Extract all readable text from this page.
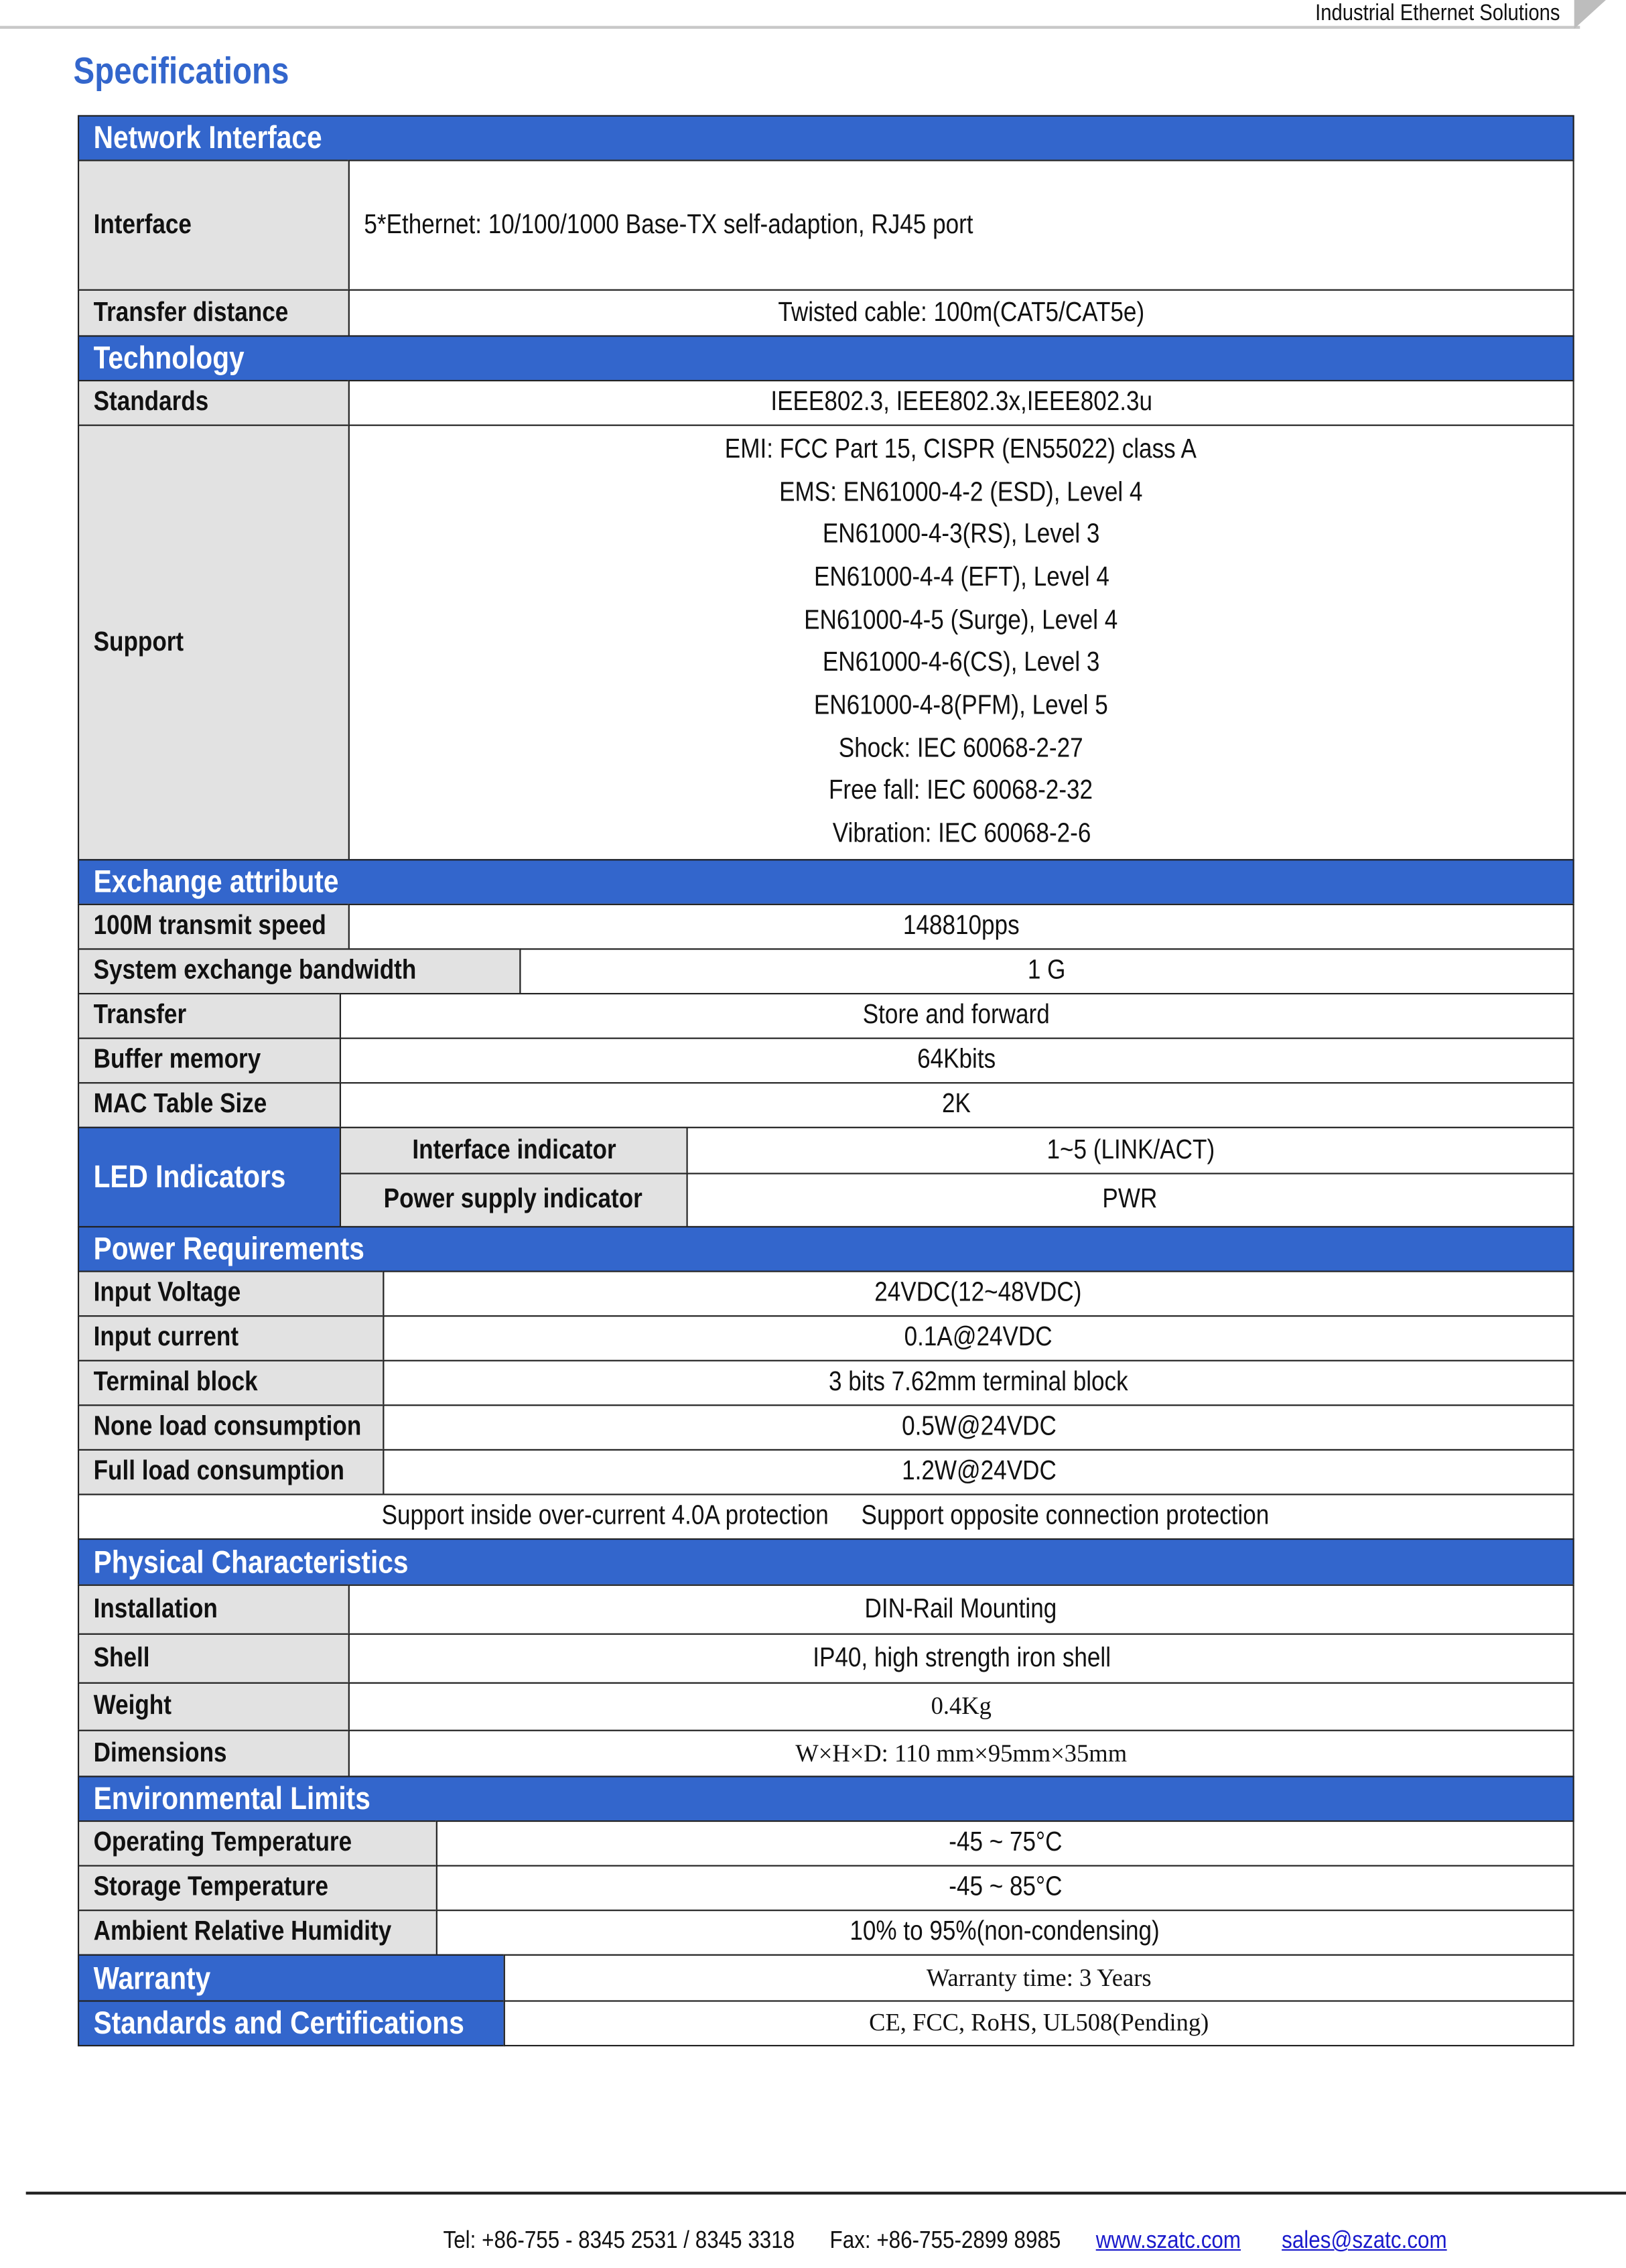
Industrial Ethernet Solutions
Specifications
Network Interface
Interface	5*Ethernet: 10/100/1000 Base-TX self-adaption, RJ45 port
Transfer distance	Twisted cable: 100m(CAT5/CAT5e)
Technology
Standards	IEEE802.3, IEEE802.3x,IEEE802.3u
Support
EMI: FCC Part 15, CISPR (EN55022) class A
EMS: EN61000-4-2 (ESD), Level 4
EN61000-4-3(RS), Level 3
EN61000-4-4 (EFT), Level 4
EN61000-4-5 (Surge), Level 4
EN61000-4-6(CS), Level 3
EN61000-4-8(PFM), Level 5
Shock: IEC 60068-2-27
Free fall: IEC 60068-2-32
Vibration: IEC 60068-2-6
Exchange attribute
100M transmit speed	148810pps
System exchange bandwidth	1 G
Transfer	Store and forward
Buffer memory	64Kbits
MAC Table Size	2K
LED Indicators
Interface indicator	1~5 (LINK/ACT)
Power supply indicator	PWR
Power Requirements
Input Voltage	24VDC(12~48VDC)
Input current	0.1A@24VDC
Terminal block	3 bits 7.62mm terminal block
None load consumption	0.5W@24VDC
Full load consumption	1.2W@24VDC
Support inside over-current 4.0A protection     Support opposite connection protection
Physical Characteristics
Installation	DIN-Rail Mounting
Shell	IP40, high strength iron shell
Weight	0.4Kg
Dimensions	W×H×D: 110 mm×95mm×35mm
Environmental Limits
Operating Temperature	-45 ~ 75°C
Storage Temperature	-45 ~ 85°C
Ambient Relative Humidity	10% to 95%(non-condensing)
Warranty	Warranty time: 3 Years
Standards and Certifications	CE, FCC, RoHS, UL508(Pending)
Tel: +86-755 - 8345 2531 / 8345 3318	Fax: +86-755-2899 8985	www.szatc.com	sales@szatc.com
